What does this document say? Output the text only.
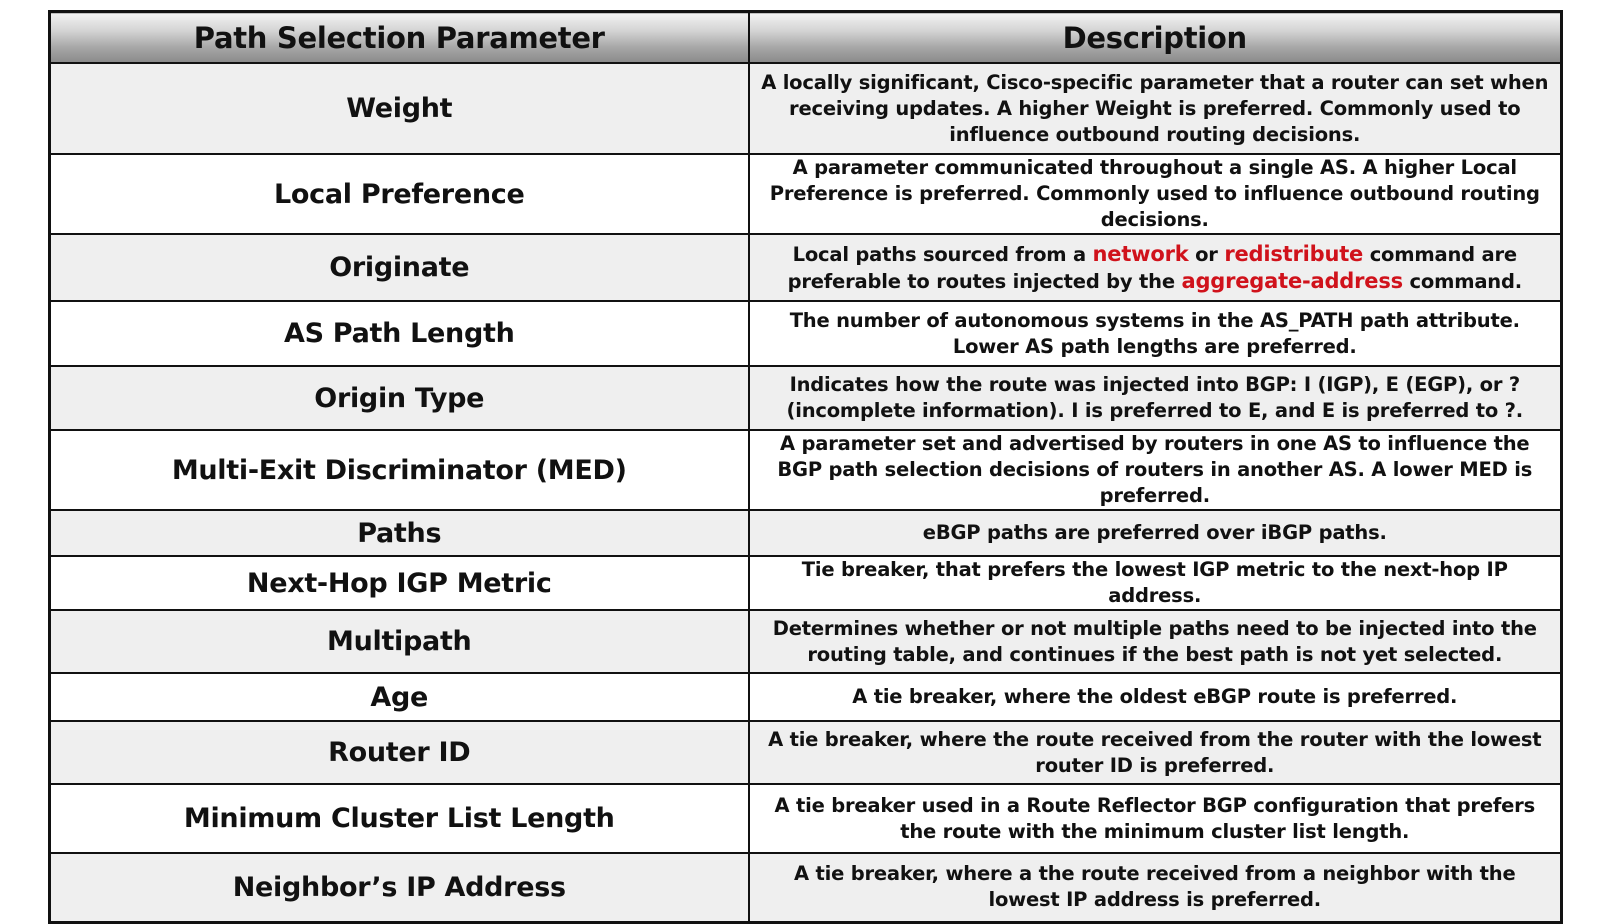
Path Selection Parameter	Description
Weight	A locally significant, Cisco-specific parameter that a router can set when receiving updates. A higher Weight is preferred. Commonly used to influence outbound routing decisions.
Local Preference	A parameter communicated throughout a single AS. A higher Local Preference is preferred. Commonly used to influence outbound routing decisions.
Originate	Local paths sourced from a network or redistribute command are preferable to routes injected by the aggregate-address command.
AS Path Length	The number of autonomous systems in the AS_PATH path attribute. Lower AS path lengths are preferred.
Origin Type	Indicates how the route was injected into BGP: I (IGP), E (EGP), or ? (incomplete information). I is preferred to E, and E is preferred to ?.
Multi-Exit Discriminator (MED)	A parameter set and advertised by routers in one AS to influence the BGP path selection decisions of routers in another AS. A lower MED is preferred.
Paths	eBGP paths are preferred over iBGP paths.
Next-Hop IGP Metric	Tie breaker, that prefers the lowest IGP metric to the next-hop IP address.
Multipath	Determines whether or not multiple paths need to be injected into the routing table, and continues if the best path is not yet selected.
Age	A tie breaker, where the oldest eBGP route is preferred.
Router ID	A tie breaker, where the route received from the router with the lowest router ID is preferred.
Minimum Cluster List Length	A tie breaker used in a Route Reflector BGP configuration that prefers the route with the minimum cluster list length.
Neighbor’s IP Address	A tie breaker, where a the route received from a neighbor with the lowest IP address is preferred.
